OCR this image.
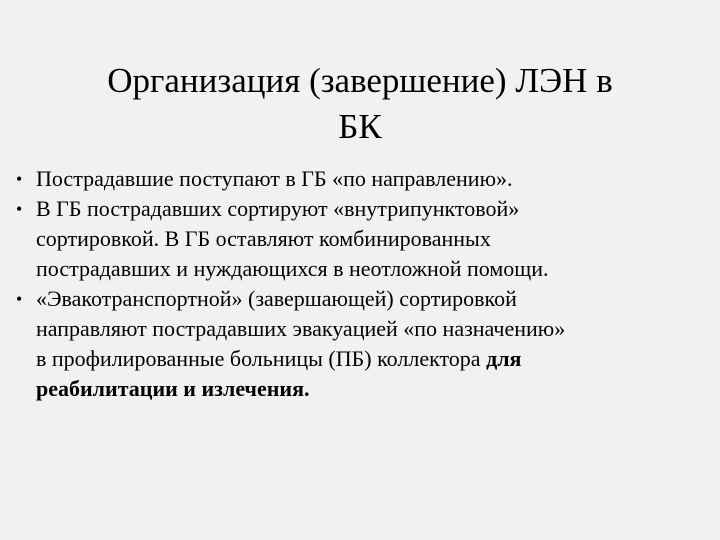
Организация (завершение) ЛЭН в
БК
• Пострадавшие поступают в ГБ «по направлению».
• В ГБ пострадавших сортируют «внутрипунктовой»
сортировкой. В ГБ оставляют комбинированных
пострадавших и нуждающихся в неотложной помощи.
• «Эвакотранспортной» (завершающей) сортировкой
направляют пострадавших эвакуацией «по назначению»
в профилированные больницы (ПБ) коллектора для
реабилитации и излечения.
